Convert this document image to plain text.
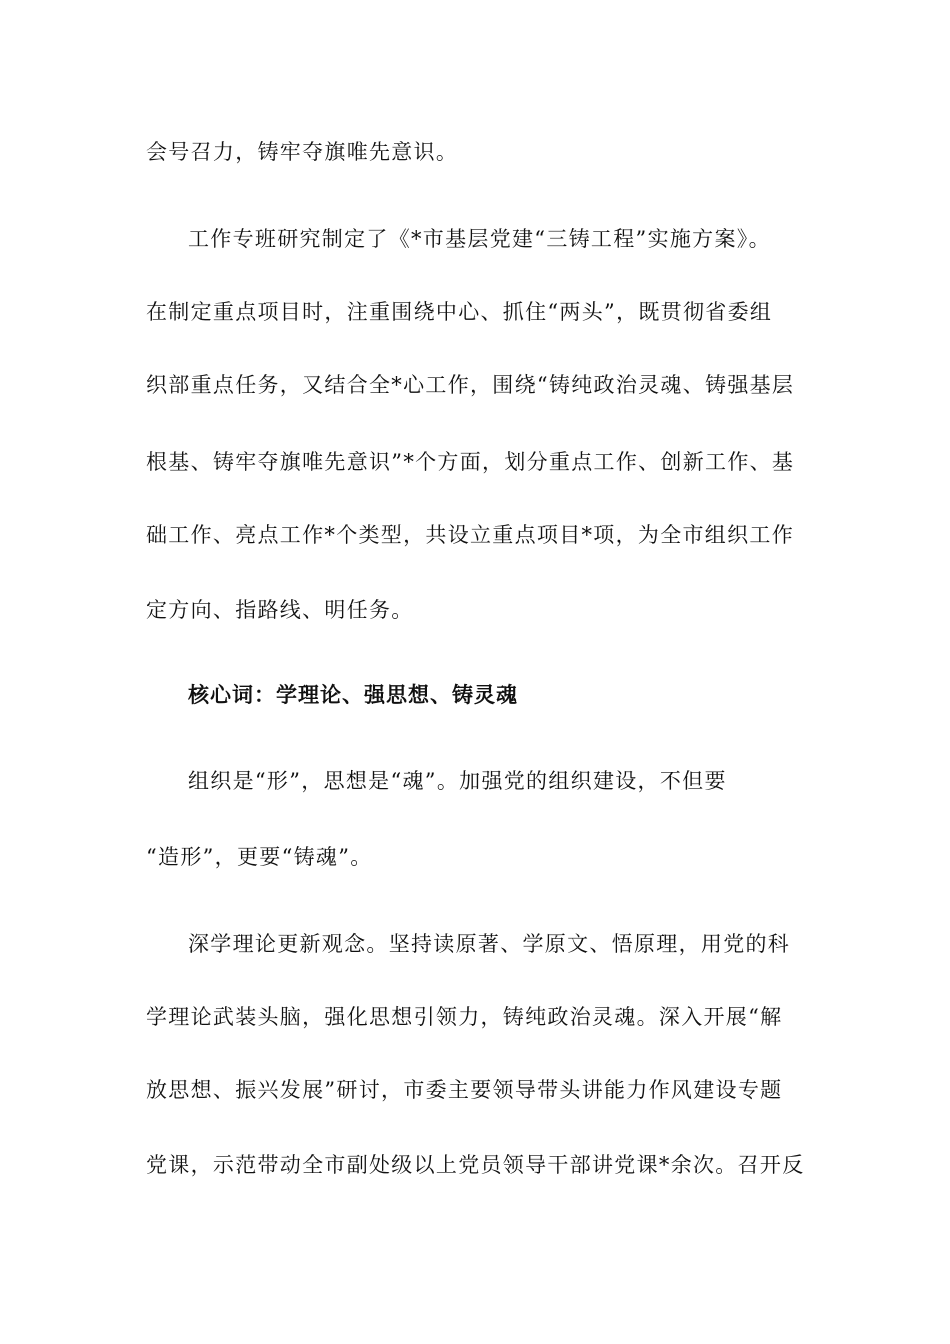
会号召力，铸牢夺旗唯先意识。
工作专班研究制定了《*市基层党建“三铸工程”实施方案》。
在制定重点项目时，注重围绕中心、抓住“两头”，既贯彻省委组
织部重点任务，又结合全*心工作，围绕“铸纯政治灵魂、铸强基层
根基、铸牢夺旗唯先意识”*个方面，划分重点工作、创新工作、基
础工作、亮点工作*个类型，共设立重点项目*项，为全市组织工作
定方向、指路线、明任务。
核心词：学理论、强思想、铸灵魂
组织是“形”，思想是“魂”。加强党的组织建设，不但要
“造形”，更要“铸魂”。
深学理论更新观念。坚持读原著、学原文、悟原理，用党的科
学理论武装头脑，强化思想引领力，铸纯政治灵魂。深入开展“解
放思想、振兴发展”研讨，市委主要领导带头讲能力作风建设专题
党课，示范带动全市副处级以上党员领导干部讲党课*余次。召开反
